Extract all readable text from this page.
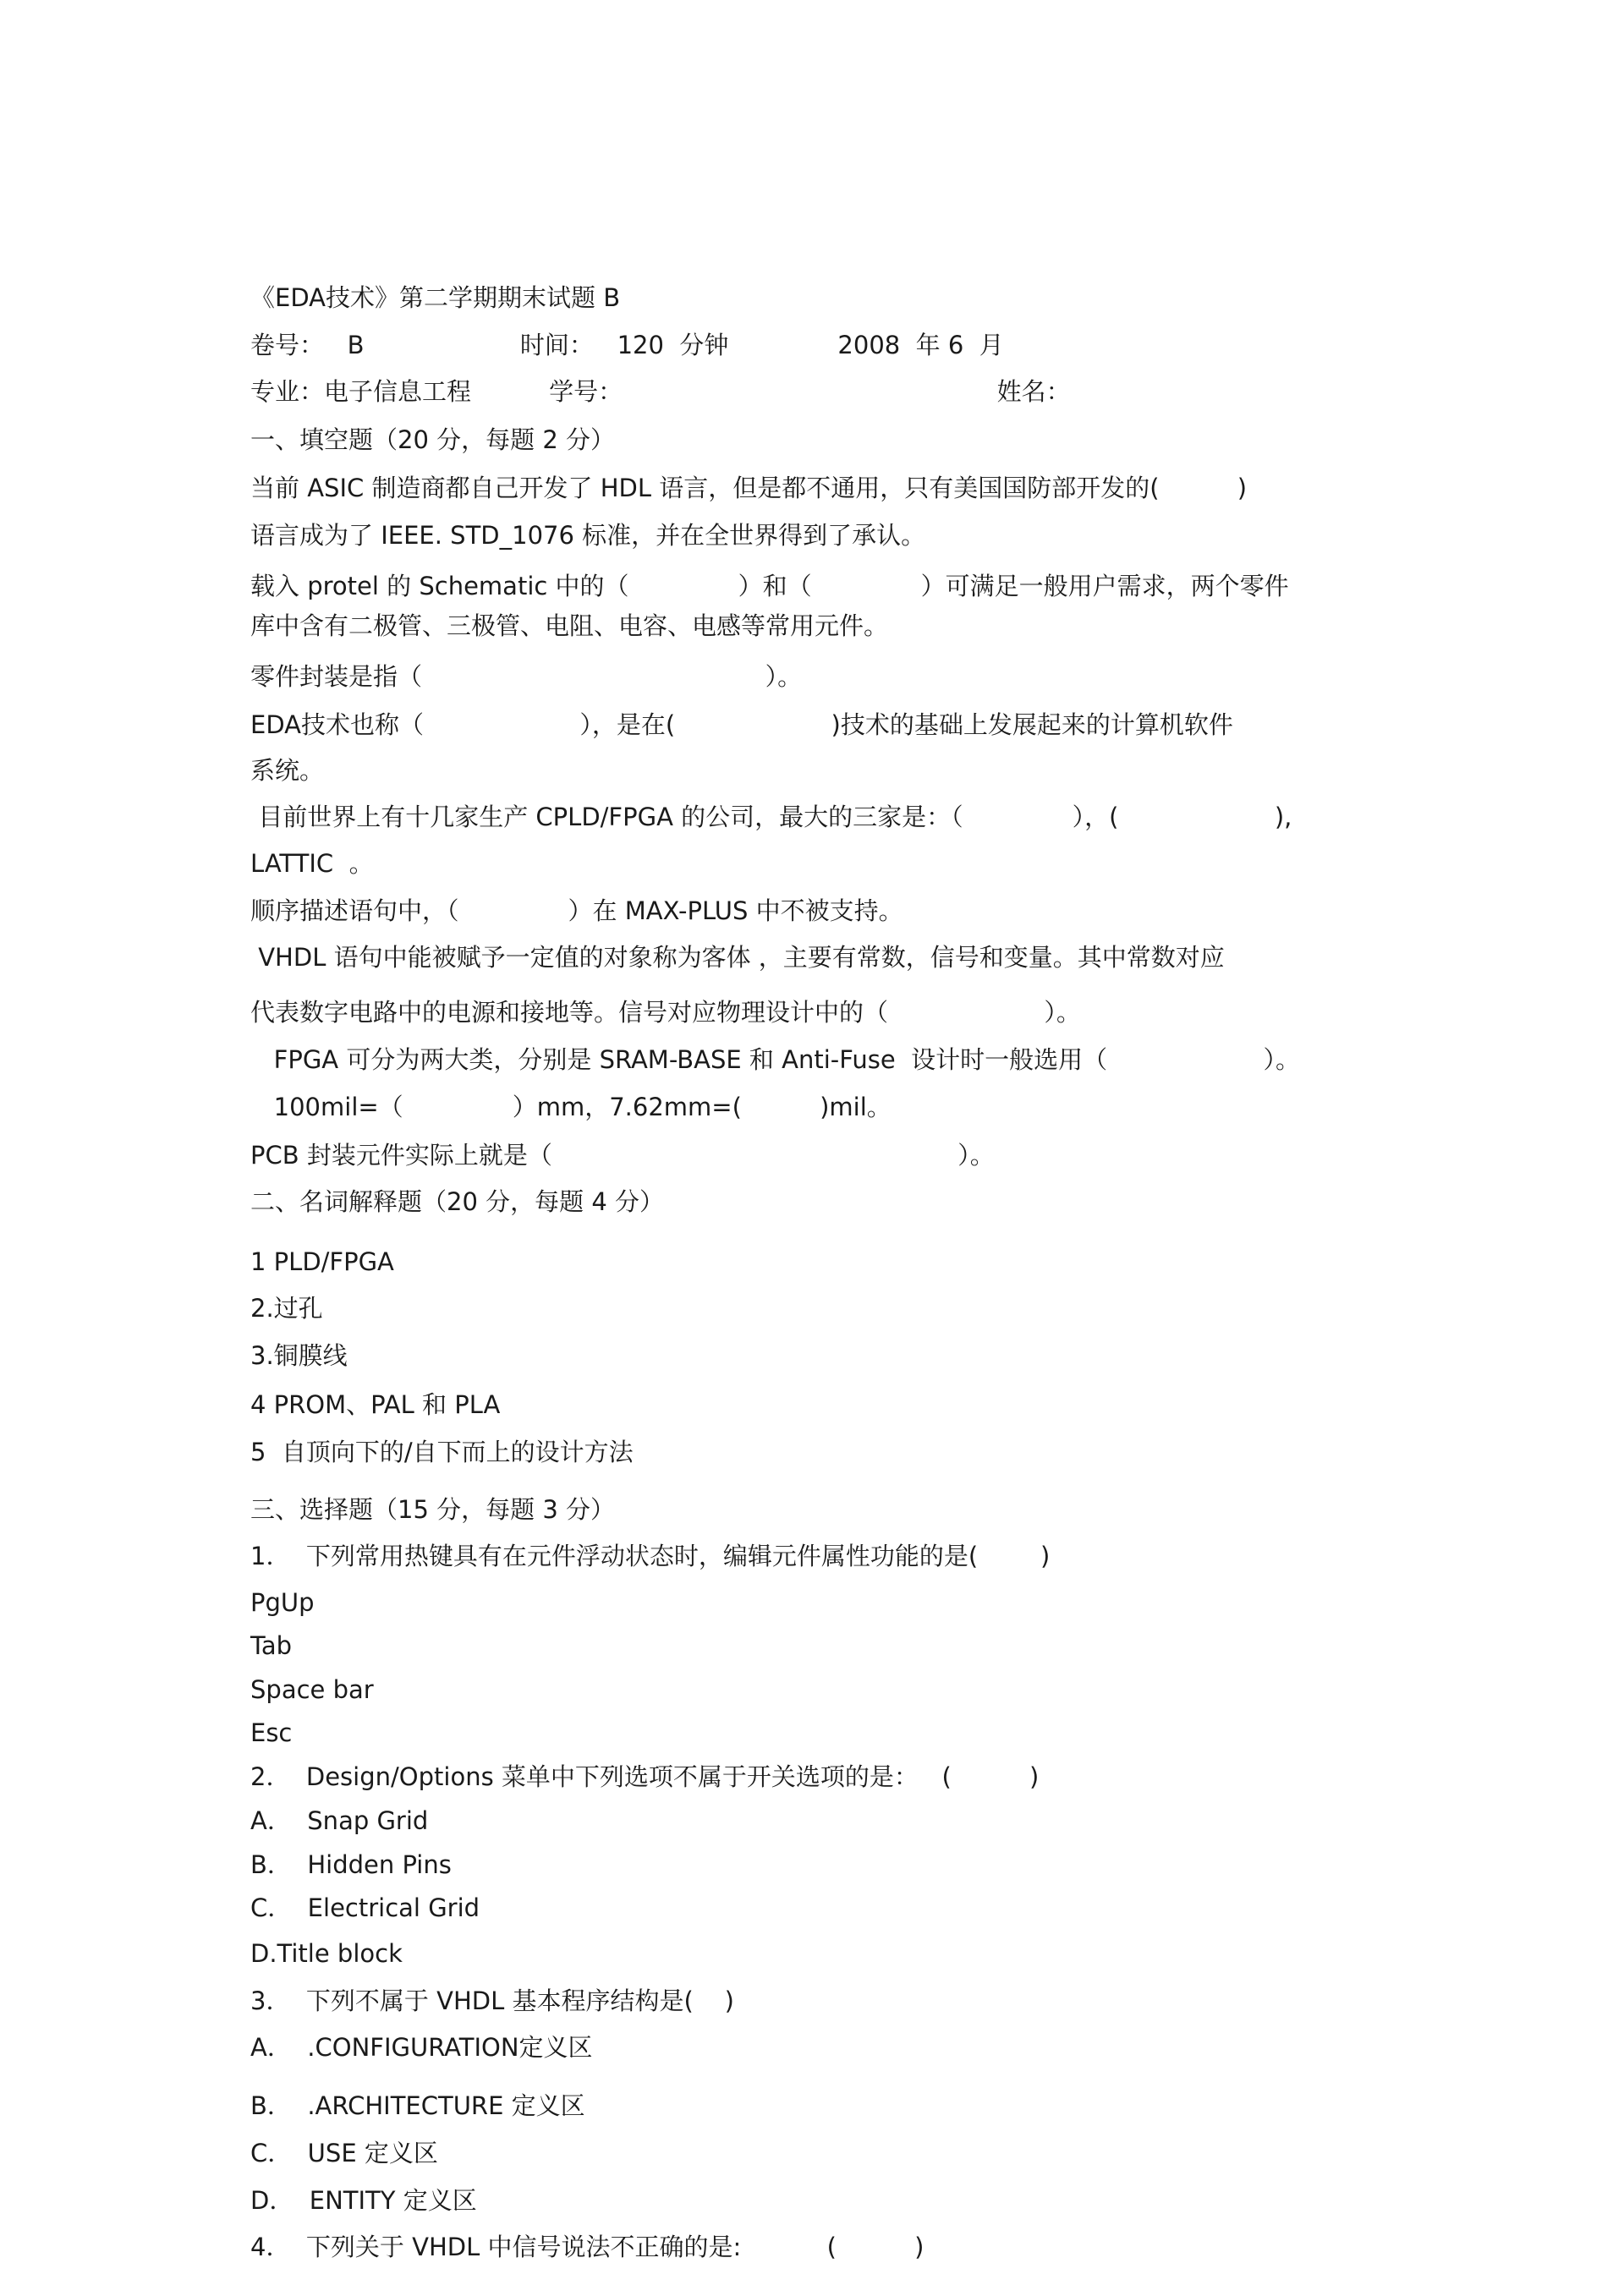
《EDA技术》第二学期期末试题 B

卷号：   B                    时间：   120  分钟              2008  年 6  月

专业：电子信息工程          学号：                                                姓名：

一、填空题（20 分，每题 2 分）

当前 ASIC 制造商都自己开发了 HDL 语言，但是都不通用，只有美国国防部开发的(          )

语言成为了 IEEE. STD_1076 标准，并在全世界得到了承认。

载入 protel 的 Schematic 中的（              ）和（              ）可满足一般用户需求，两个零件

库中含有二极管、三极管、电阻、电容、电感等常用元件。

零件封装是指（                                            ）。

EDA技术也称（                    ），是在(                    )技术的基础上发展起来的计算机软件

系统。

目前世界上有十几家生产 CPLD/FPGA 的公司，最大的三家是：（              ），(                    ),

LATTIC  。

顺序描述语句中，（              ）在 MAX-PLUS 中不被支持。

VHDL 语句中能被赋予一定值的对象称为客体 ，主要有常数，信号和变量。其中常数对应

代表数字电路中的电源和接地等。信号对应物理设计中的（                    ）。

FPGA 可分为两大类，分别是 SRAM-BASE 和 Anti-Fuse  设计时一般选用（                    ）。

100mil=（              ）mm，7.62mm=(          )mil。

PCB 封装元件实际上就是（                                                    ）。

二、名词解释题（20 分，每题 4 分）

1 PLD/FPGA

2.过孔

3.铜膜线

4 PROM、PAL 和 PLA

5  自顶向下的/自下而上的设计方法

三、选择题（15 分，每题 3 分）

1．  下列常用热键具有在元件浮动状态时，编辑元件属性功能的是(        )

PgUp

Tab

Space bar

Esc

2．  Design/Options 菜单中下列选项不属于开关选项的是：   (          )

A．  Snap Grid

B．  Hidden Pins

C．  Electrical Grid

D.Title block

3．  下列不属于 VHDL 基本程序结构是(    )

A．  .CONFIGURATION定义区

B．  .ARCHITECTURE 定义区

C．  USE 定义区

D．  ENTITY 定义区

4．  下列关于 VHDL 中信号说法不正确的是:           (          )
